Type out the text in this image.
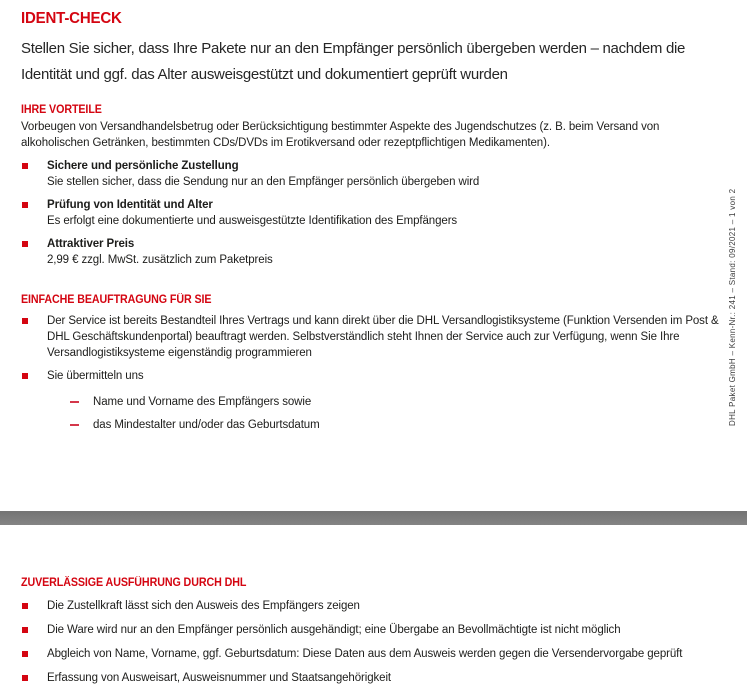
IDENT-CHECK

Stellen Sie sicher, dass Ihre Pakete nur an den Empfänger persönlich übergeben werden – nachdem die Identität und ggf. das Alter ausweisgestützt und dokumentiert geprüft wurden

IHRE VORTEILE

Vorbeugen von Versandhandelsbetrug oder Berücksichtigung bestimmter Aspekte des Jugendschutzes (z. B. beim Versand von alkoholischen Getränken, bestimmten CDs/DVDs im Erotikversand oder rezeptpflichtigen Medikamenten).

Sichere und persönliche Zustellung
Sie stellen sicher, dass die Sendung nur an den Empfänger persönlich übergeben wird
Prüfung von Identität und Alter
Es erfolgt eine dokumentierte und ausweisgestützte Identifikation des Empfängers
Attraktiver Preis
2,99 € zzgl. MwSt. zusätzlich zum Paketpreis
EINFACHE BEAUFTRAGUNG FÜR SIE
Der Service ist bereits Bestandteil Ihres Vertrags und kann direkt über die DHL Versandlogistiksysteme (Funktion Versenden im Post & DHL Geschäftskundenportal) beauftragt werden. Selbstverständlich steht Ihnen der Service auch zur Verfügung, wenn Sie Ihre Versandlogistiksysteme eigenständig programmieren
Sie übermitteln uns
Name und Vorname des Empfängers sowie
das Mindestalter und/oder das Geburtsdatum
ZUVERLÄSSIGE AUSFÜHRUNG DURCH DHL
Die Zustellkraft lässt sich den Ausweis des Empfängers zeigen
Die Ware wird nur an den Empfänger persönlich ausgehändigt; eine Übergabe an Bevollmächtigte ist nicht möglich
Abgleich von Name, Vorname, ggf. Geburtsdatum: Diese Daten aus dem Ausweis werden gegen die Versendervorgabe geprüft
Erfassung von Ausweisart, Ausweisnummer und Staatsangehörigkeit
DHL Paket GmbH – Kenn-Nr.: 241 – Stand: 09/2021 – 1 von 2
